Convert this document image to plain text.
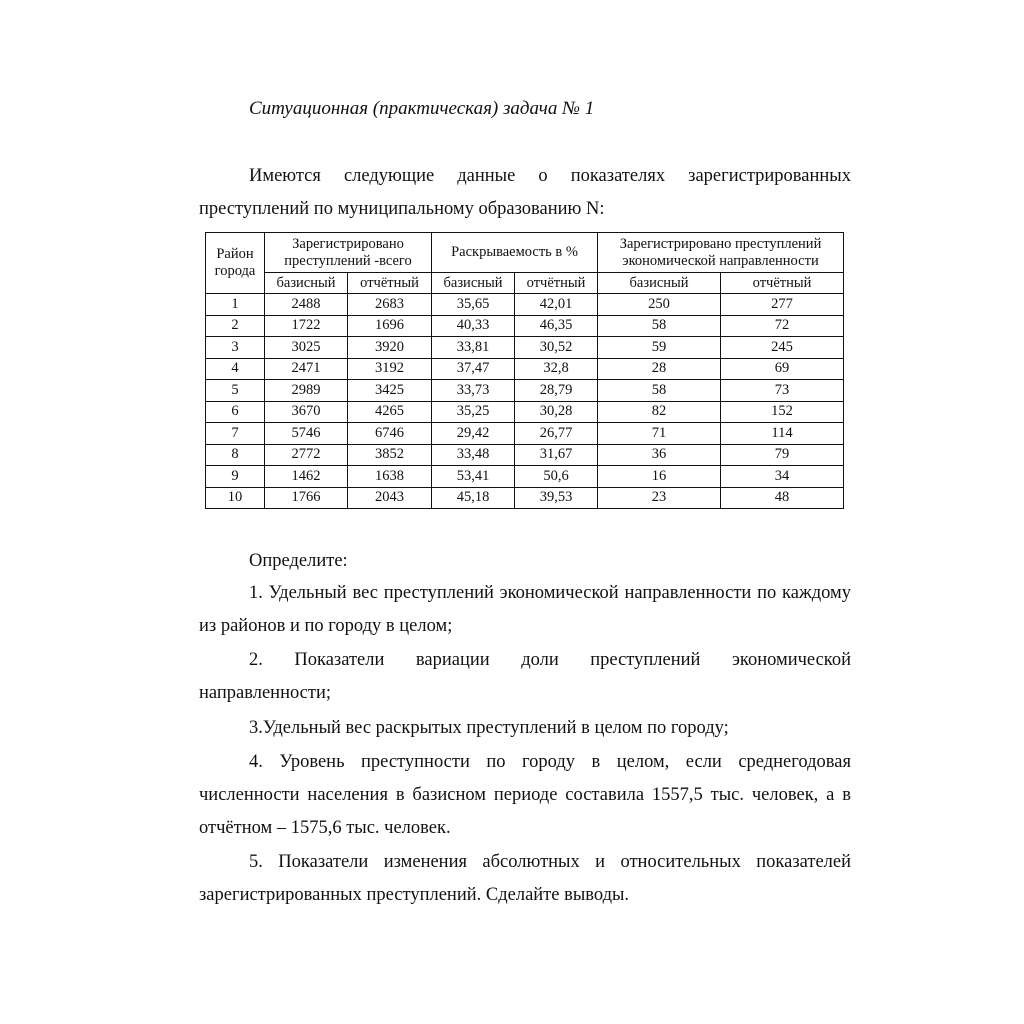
Ситуационная (практическая) задача № 1
Имеются следующие данные о показателях зарегистрированных преступлений по муниципальному образованию N:
Район города	Зарегистрировано преступлений -всего		Раскрываемость в %		Зарегистрировано преступлений экономической направленности	
	базисный	отчётный	базисный	отчётный	базисный	отчётный
1	2488	2683	35,65	42,01	250	277
2	1722	1696	40,33	46,35	58	72
3	3025	3920	33,81	30,52	59	245
4	2471	3192	37,47	32,8	28	69
5	2989	3425	33,73	28,79	58	73
6	3670	4265	35,25	30,28	82	152
7	5746	6746	29,42	26,77	71	114
8	2772	3852	33,48	31,67	36	79
9	1462	1638	53,41	50,6	16	34
10	1766	2043	45,18	39,53	23	48
Определите:
1. Удельный вес преступлений экономической направленности по каждому из районов и по городу в целом;
2. Показатели вариации доли преступлений экономической направленности;
3.Удельный вес раскрытых преступлений в целом по городу;
4. Уровень преступности по городу в целом, если среднегодовая численности населения в базисном периоде составила 1557,5 тыс. человек, а в отчётном – 1575,6 тыс. человек.
5. Показатели изменения абсолютных и относительных показателей зарегистрированных преступлений. Сделайте выводы.
